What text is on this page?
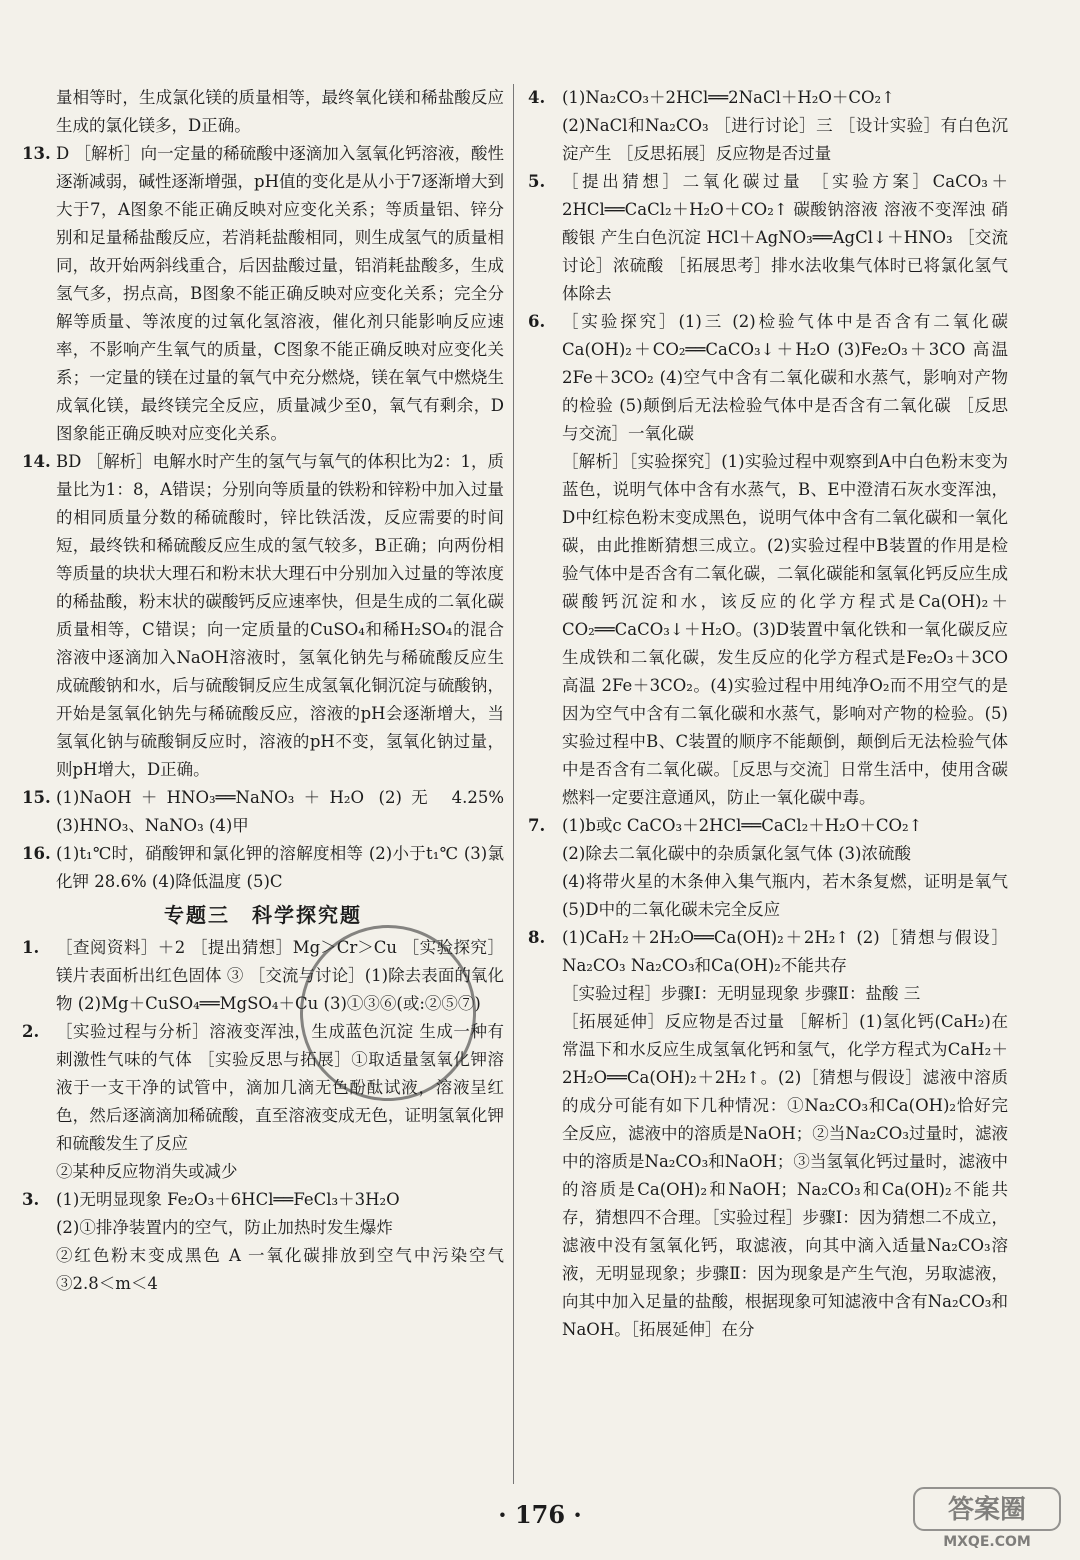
量相等时，生成氯化镁的质量相等，最终氧化镁和稀盐酸反应生成的氯化镁多，D正确。
13. D ［解析］向一定量的稀硫酸中逐滴加入氢氧化钙溶液，酸性逐渐减弱，碱性逐渐增强，pH值的变化是从小于7逐渐增大到大于7，A图象不能正确反映对应变化关系；等质量铝、锌分别和足量稀盐酸反应，若消耗盐酸相同，则生成氢气的质量相同，故开始两斜线重合，后因盐酸过量，铝消耗盐酸多，生成氢气多，拐点高，B图象不能正确反映对应变化关系；完全分解等质量、等浓度的过氧化氢溶液，催化剂只能影响反应速率，不影响产生氧气的质量，C图象不能正确反映对应变化关系；一定量的镁在过量的氧气中充分燃烧，镁在氧气中燃烧生成氧化镁，最终镁完全反应，质量减少至0，氧气有剩余，D图象能正确反映对应变化关系。
14. BD ［解析］电解水时产生的氢气与氧气的体积比为2：1，质量比为1：8，A错误；分别向等质量的铁粉和锌粉中加入过量的相同质量分数的稀硫酸时，锌比铁活泼，反应需要的时间短，最终铁和稀硫酸反应生成的氢气较多，B正确；向两份相等质量的块状大理石和粉末状大理石中分别加入过量的等浓度的稀盐酸，粉末状的碳酸钙反应速率快，但是生成的二氧化碳质量相等，C错误；向一定质量的CuSO₄和稀H₂SO₄的混合溶液中逐滴加入NaOH溶液时，氢氧化钠先与稀硫酸反应生成硫酸钠和水，后与硫酸铜反应生成氢氧化铜沉淀与硫酸钠，开始是氢氧化钠先与稀硫酸反应，溶液的pH会逐渐增大，当氢氧化钠与硫酸铜反应时，溶液的pH不变，氢氧化钠过量，则pH增大，D正确。
15. (1)NaOH＋HNO₃══NaNO₃＋H₂O (2)无 4.25% (3)HNO₃、NaNO₃ (4)甲
16. (1)t₁℃时，硝酸钾和氯化钾的溶解度相等 (2)小于t₁℃ (3)氯化钾 28.6% (4)降低温度 (5)C
专题三　科学探究题
1.	［查阅资料］＋2 ［提出猜想］Mg＞Cr＞Cu ［实验探究］镁片表面析出红色固体 ③ ［交流与讨论］(1)除去表面的氧化物 (2)Mg＋CuSO₄══MgSO₄＋Cu (3)①③⑥(或:②⑤⑦)
2.	［实验过程与分析］溶液变浑浊，生成蓝色沉淀 生成一种有刺激性气味的气体 ［实验反思与拓展］①取适量氢氧化钾溶液于一支干净的试管中，滴加几滴无色酚酞试液，溶液呈红色，然后逐滴滴加稀硫酸，直至溶液变成无色，证明氢氧化钾和硫酸发生了反应
②某种反应物消失或减少
3.	(1)无明显现象 Fe₂O₃＋6HCl══FeCl₃＋3H₂O
(2)①排净装置内的空气，防止加热时发生爆炸
②红色粉末变成黑色 A 一氧化碳排放到空气中污染空气 ③2.8＜m＜4
4.	(1)Na₂CO₃＋2HCl══2NaCl＋H₂O＋CO₂↑
(2)NaCl和Na₂CO₃ ［进行讨论］三 ［设计实验］有白色沉淀产生 ［反思拓展］反应物是否过量
5.	［提出猜想］二氧化碳过量 ［实验方案］CaCO₃＋2HCl══CaCl₂＋H₂O＋CO₂↑ 碳酸钠溶液 溶液不变浑浊 硝酸银 产生白色沉淀 HCl＋AgNO₃══AgCl↓＋HNO₃ ［交流讨论］浓硫酸 ［拓展思考］排水法收集气体时已将氯化氢气体除去
6.	［实验探究］(1)三 (2)检验气体中是否含有二氧化碳 Ca(OH)₂＋CO₂══CaCO₃↓＋H₂O (3)Fe₂O₃＋3CO 高温 2Fe＋3CO₂ (4)空气中含有二氧化碳和水蒸气，影响对产物的检验 (5)颠倒后无法检验气体中是否含有二氧化碳 ［反思与交流］一氧化碳
［解析］［实验探究］(1)实验过程中观察到A中白色粉末变为蓝色，说明气体中含有水蒸气，B、E中澄清石灰水变浑浊，D中红棕色粉末变成黑色，说明气体中含有二氧化碳和一氧化碳，由此推断猜想三成立。(2)实验过程中B装置的作用是检验气体中是否含有二氧化碳，二氧化碳能和氢氧化钙反应生成碳酸钙沉淀和水，该反应的化学方程式是Ca(OH)₂＋CO₂══CaCO₃↓＋H₂O。(3)D装置中氧化铁和一氧化碳反应生成铁和二氧化碳，发生反应的化学方程式是Fe₂O₃＋3CO 高温 2Fe＋3CO₂。(4)实验过程中用纯净O₂而不用空气的是因为空气中含有二氧化碳和水蒸气，影响对产物的检验。(5)实验过程中B、C装置的顺序不能颠倒，颠倒后无法检验气体中是否含有二氧化碳。［反思与交流］日常生活中，使用含碳燃料一定要注意通风，防止一氧化碳中毒。
7.	(1)b或c CaCO₃＋2HCl══CaCl₂＋H₂O＋CO₂↑
(2)除去二氧化碳中的杂质氯化氢气体 (3)浓硫酸
(4)将带火星的木条伸入集气瓶内，若木条复燃，证明是氧气 (5)D中的二氧化碳未完全反应
8.	(1)CaH₂＋2H₂O══Ca(OH)₂＋2H₂↑ (2)［猜想与假设］Na₂CO₃ Na₂CO₃和Ca(OH)₂不能共存
［实验过程］步骤Ⅰ：无明显现象 步骤Ⅱ：盐酸 三
［拓展延伸］反应物是否过量 ［解析］(1)氢化钙(CaH₂)在常温下和水反应生成氢氧化钙和氢气，化学方程式为CaH₂＋2H₂O══Ca(OH)₂＋2H₂↑。(2)［猜想与假设］滤液中溶质的成分可能有如下几种情况：①Na₂CO₃和Ca(OH)₂恰好完全反应，滤液中的溶质是NaOH；②当Na₂CO₃过量时，滤液中的溶质是Na₂CO₃和NaOH；③当氢氧化钙过量时，滤液中的溶质是Ca(OH)₂和NaOH；Na₂CO₃和Ca(OH)₂不能共存，猜想四不合理。［实验过程］步骤Ⅰ：因为猜想二不成立，滤液中没有氢氧化钙，取滤液，向其中滴入适量Na₂CO₃溶液，无明显现象；步骤Ⅱ：因为现象是产生气泡，另取滤液，向其中加入足量的盐酸，根据现象可知滤液中含有Na₂CO₃和NaOH。［拓展延伸］在分
· 176 ·	答案圈
MXQE.COM
